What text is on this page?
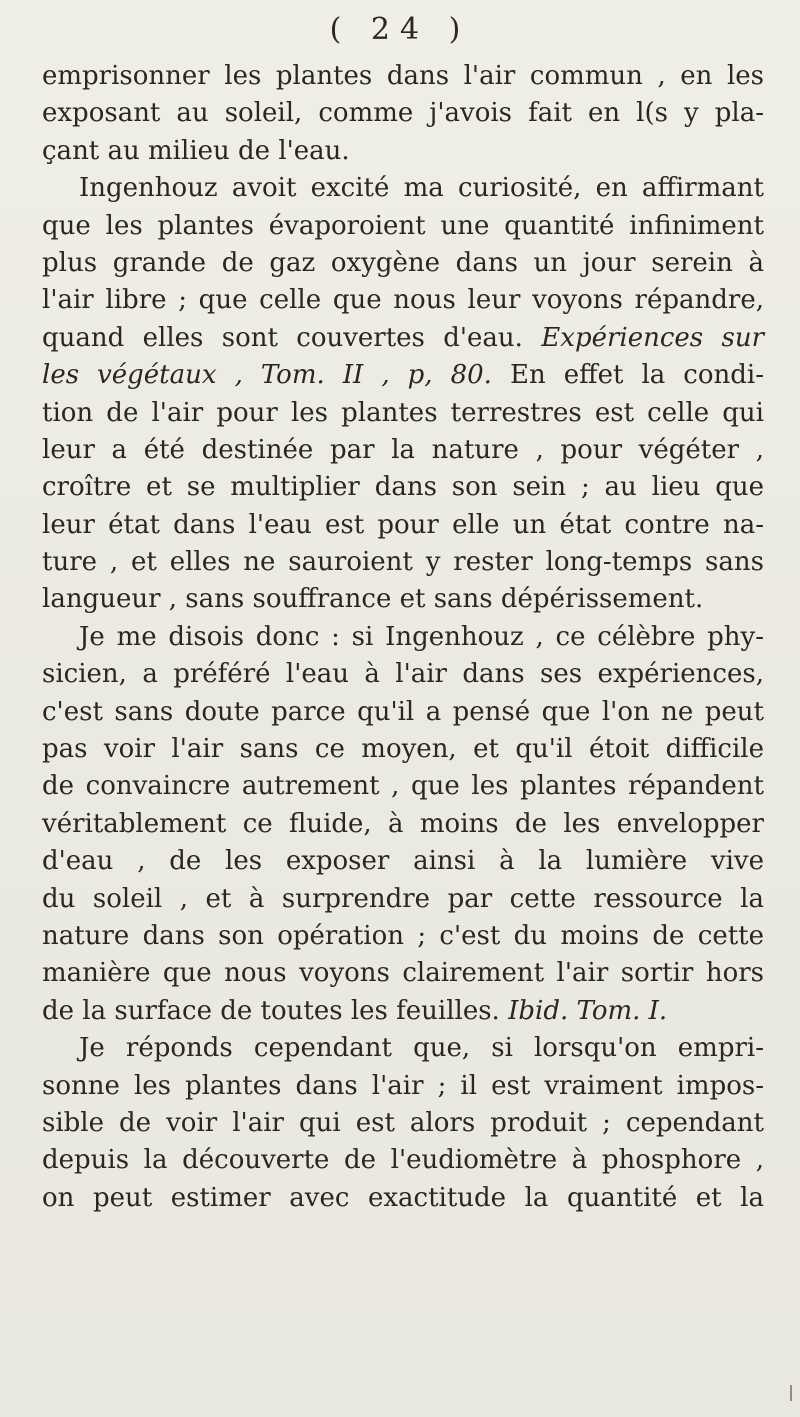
( 24 )
emprisonner les plantes dans l'air commun , en les
exposant au soleil, comme j'avois fait en l(s y pla-
çant au milieu de l'eau.
Ingenhouz avoit excité ma curiosité, en affirmant
que les plantes évaporoient une quantité infiniment
plus grande de gaz oxygène dans un jour serein à
l'air libre ; que celle que nous leur voyons répandre,
quand elles sont couvertes d'eau. Expériences sur
les végétaux , Tom. II , p, 80. En effet la condi-
tion de l'air pour les plantes terrestres est celle qui
leur a été destinée par la nature , pour végéter ,
croître et se multiplier dans son sein ; au lieu que
leur état dans l'eau est pour elle un état contre na-
ture , et elles ne sauroient y rester long-temps sans
langueur , sans souffrance et sans dépérissement.
Je me disois donc : si Ingenhouz , ce célèbre phy-
sicien, a préféré l'eau à l'air dans ses expériences,
c'est sans doute parce qu'il a pensé que l'on ne peut
pas voir l'air sans ce moyen, et qu'il étoit difficile
de convaincre autrement , que les plantes répandent
véritablement ce fluide, à moins de les envelopper
d'eau , de les exposer ainsi à la lumière vive
du soleil , et à surprendre par cette ressource la
nature dans son opération ; c'est du moins de cette
manière que nous voyons clairement l'air sortir hors
de la surface de toutes les feuilles. Ibid. Tom. I.
Je réponds cependant que, si lorsqu'on empri-
sonne les plantes dans l'air ; il est vraiment impos-
sible de voir l'air qui est alors produit ; cependant
depuis la découverte de l'eudiomètre à phosphore ,
on peut estimer avec exactitude la quantité et la
